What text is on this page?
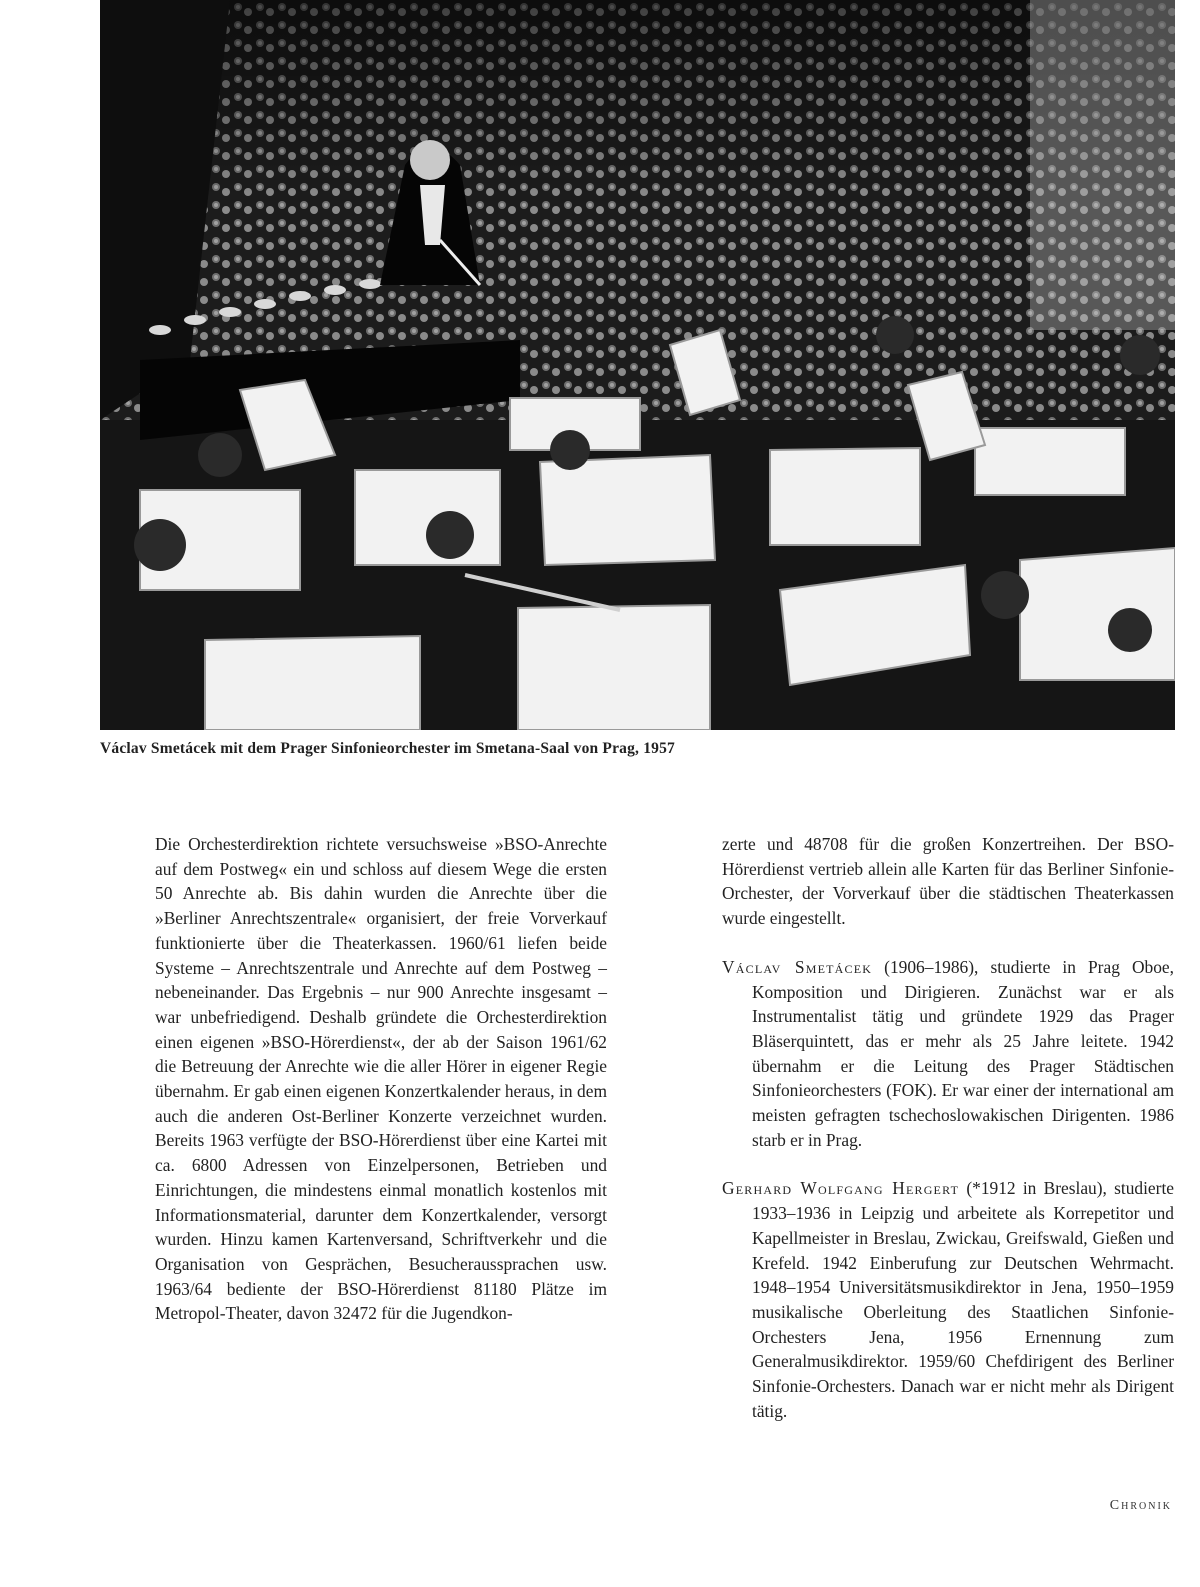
Václav Smetácek mit dem Prager Sinfonieorchester im Smetana-Saal von Prag, 1957

Die Orchesterdirektion richtete versuchsweise »BSO-Anrechte auf dem Postweg« ein und schloss auf diesem Wege die ersten 50 Anrechte ab. Bis dahin wurden die Anrechte über die »Berliner Anrechtszentrale« organisiert, der freie Vorverkauf funktionierte über die Theaterkassen. 1960/61 liefen beide Systeme – Anrechtszentrale und Anrechte auf dem Postweg – nebeneinander. Das Ergebnis – nur 900 Anrechte insgesamt – war unbefriedigend. Deshalb gründete die Orchesterdirektion einen eigenen »BSO-Hörerdienst«, der ab der Saison 1961/62 die Betreuung der Anrechte wie die aller Hörer in eigener Regie übernahm. Er gab einen eigenen Konzertkalender heraus, in dem auch die anderen Ost-Berliner Konzerte verzeichnet wurden. Bereits 1963 verfügte der BSO-Hörerdienst über eine Kartei mit ca. 6800 Adressen von Einzelpersonen, Betrieben und Einrichtungen, die mindestens einmal monatlich kostenlos mit Informationsmaterial, darunter dem Konzertkalender, versorgt wurden. Hinzu kamen Kartenversand, Schriftverkehr und die Organisation von Gesprächen, Besucheraussprachen usw. 1963/64 bediente der BSO-Hörerdienst 81180 Plätze im Metropol-Theater, davon 32472 für die Jugendkon-

zerte und 48708 für die großen Konzertreihen. Der BSO-Hörerdienst vertrieb allein alle Karten für das Berliner Sinfonie-Orchester, der Vorverkauf über die städtischen Theaterkassen wurde eingestellt.

Václav Smetácek (1906–1986), studierte in Prag Oboe, Komposition und Dirigieren. Zunächst war er als Instrumentalist tätig und gründete 1929 das Prager Bläserquintett, das er mehr als 25 Jahre leitete. 1942 übernahm er die Leitung des Prager Städtischen Sinfonieorchesters (FOK). Er war einer der international am meisten gefragten tschechoslowakischen Dirigenten. 1986 starb er in Prag.

Gerhard Wolfgang Hergert (*1912 in Breslau), studierte 1933–1936 in Leipzig und arbeitete als Korrepetitor und Kapellmeister in Breslau, Zwickau, Greifswald, Gießen und Krefeld. 1942 Einberufung zur Deutschen Wehrmacht. 1948–1954 Universitätsmusikdirektor in Jena, 1950–1959 musikalische Oberleitung des Staatlichen Sinfonie-Orchesters Jena, 1956 Ernennung zum Generalmusikdirektor. 1959/60 Chefdirigent des Berliner Sinfonie-Orchesters. Danach war er nicht mehr als Dirigent tätig.

Chronik
